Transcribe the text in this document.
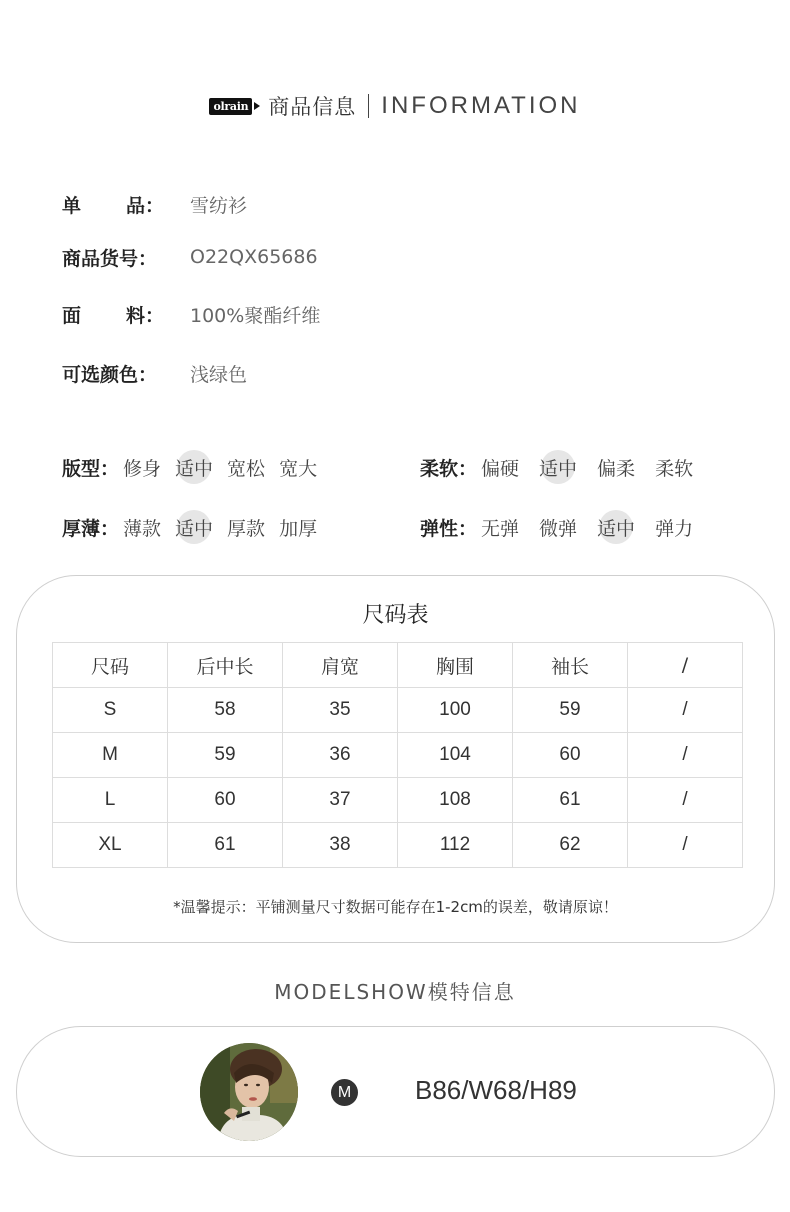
olrain 商品信息 INFORMATION
单 品： 雪纺衫
商品货号：	O22QX65686
面 料： 100%聚酯纤维
可选颜色：	浅绿色
版型： 修身 适中 宽松 宽大	柔软： 偏硬 适中 偏柔 柔软
厚薄： 薄款 适中 厚款 加厚	弹性： 无弹 微弹 适中 弹力
尺码表
尺码	后中长	肩宽	胸围	袖长	/
S	58	35	100	59	/
M	59	36	104	60	/
L	60	37	108	61	/
XL	61	38	112	62	/
*温馨提示：平铺测量尺寸数据可能存在1-2cm的误差，敬请原谅！
MODELSHOW模特信息
M B86/W68/H89
